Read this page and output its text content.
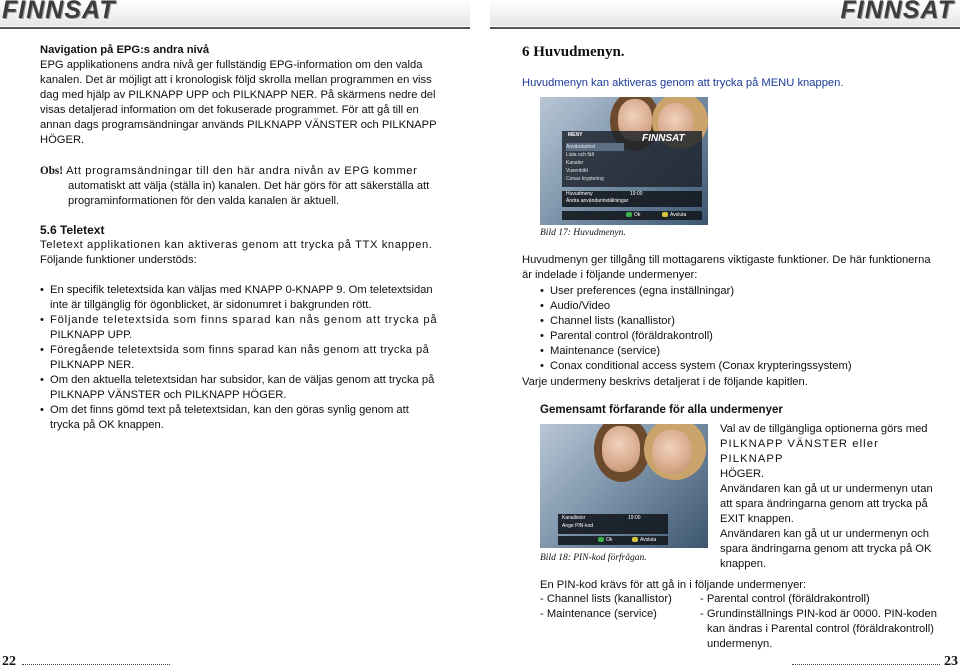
FINNSAT	FINNSAT

Navigation på EPG:s andra nivå

EPG applikationens andra nivå ger fullständig EPG-information om den valda

kanalen. Det är möjligt att i kronologisk följd skrolla mellan programmen en viss

dag med hjälp av PILKNAPP UPP och PILKNAPP NER. På skärmens nedre del

visas detaljerad information om det fokuserade programmet. För att gå till en

annan dags programsändningar används PILKNAPP VÄNSTER och PILKNAPP

HÖGER.

Obs! Att programsändningar till den här andra nivån av EPG kommer

automatiskt att välja (ställa in) kanalen. Det här görs för att säkerställa att

programinformationen för den valda kanalen är aktuell.

5.6 Teletext

Teletext applikationen kan aktiveras genom att trycka på TTX knappen.

Följande funktioner understöds:

• En specifik teletextsida kan väljas med KNAPP 0-KNAPP 9. Om teletextsidan
inte är tillgänglig för ögonblicket, är sidonumret i bakgrunden rött.
• Följande teletextsida som finns sparad kan nås genom att trycka på
PILKNAPP UPP.
• Föregående teletextsida som finns sparad kan nås genom att trycka på
PILKNAPP NER.
• Om den aktuella teletextsidan har subsidor, kan de väljas genom att trycka på
PILKNAPP VÄNSTER och PILKNAPP HÖGER.
• Om det finns gömd text på teletextsidan, kan den göras synlig genom att
trycka på OK knappen.
22
6 Huvudmenyn.
Huvudmenyn kan aktiveras genom att trycka på MENU knappen.
MENY	FINNSAT
Användarinst
Lista och fält
Kanaler
Vuxenbild
Conax kryptering
Huvudmeny	19:00
Ändra användarinställningar
Ok	Avsluta
Bild 17: Huvudmenyn.

Huvudmenyn ger tillgång till mottagarens viktigaste funktioner. De här funktionerna

är indelade i följande undermenyer:

• User preferences (egna inställningar)
• Audio/Video
• Channel lists (kanallistor)
• Parental control (föräldrakontroll)
• Maintenance (service)
• Conax conditional access system (Conax krypteringssystem)
Varje undermeny beskrivs detaljerat i de följande kapitlen.
Gemensamt förfarande för alla undermenyer
Kanallistor	19:00
Ange PIN-kod
Ok	Avsluta
Bild 18: PIN-kod förfrågan.

Val av de tillgängliga optionerna görs med

PILKNAPP VÄNSTER eller PILKNAPP

HÖGER.

Användaren kan gå ut ur undermenyn utan

att spara ändringarna genom att trycka på

EXIT knappen.

Användaren kan gå ut ur undermenyn och

spara ändringarna genom att trycka på OK

knappen.

En PIN-kod krävs för att gå in i följande undermenyer:

- Channel lists (kanallistor)

- Maintenance (service)

- Parental control (föräldrakontroll)

- Grundinställnings PIN-kod är 0000. PIN-koden

kan ändras i Parental control (föräldrakontroll)

undermenyn.

23
